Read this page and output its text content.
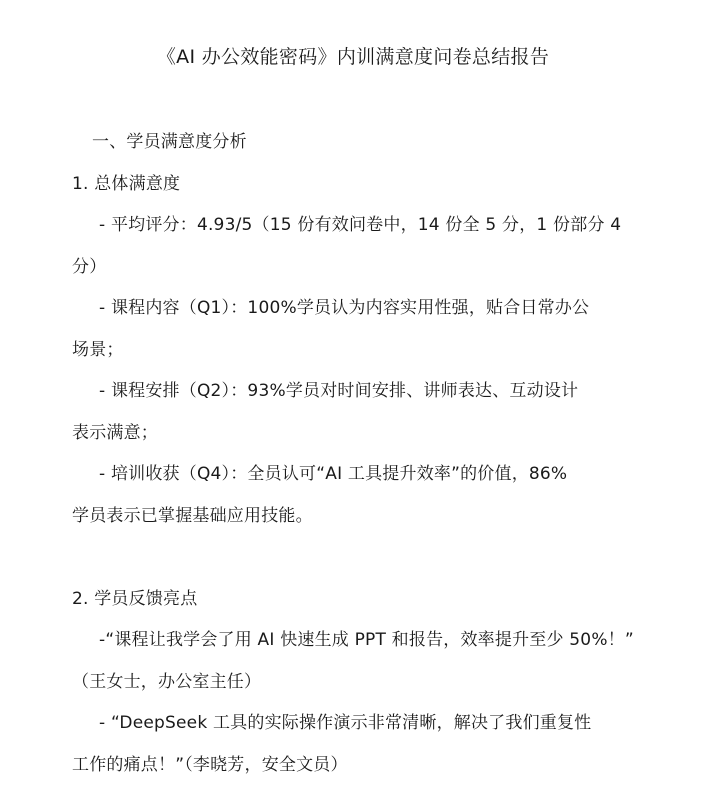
《AI 办公效能密码》内训满意度问卷总结报告
一、学员满意度分析
1. 总体满意度
- 平均评分：4.93/5（15 份有效问卷中，14 份全 5 分，1 份部分 4
分）
- 课程内容（Q1）：100%学员认为内容实用性强，贴合日常办公
场景；
- 课程安排（Q2）：93%学员对时间安排、讲师表达、互动设计
表示满意；
- 培训收获（Q4）：全员认可“AI 工具提升效率”的价值，86%
学员表示已掌握基础应用技能。
2. 学员反馈亮点
-“课程让我学会了用 AI 快速生成 PPT 和报告，效率提升至少 50%！”
（王女士，办公室主任）
- “DeepSeek 工具的实际操作演示非常清晰，解决了我们重复性
工作的痛点！”（李晓芳，安全文员）
